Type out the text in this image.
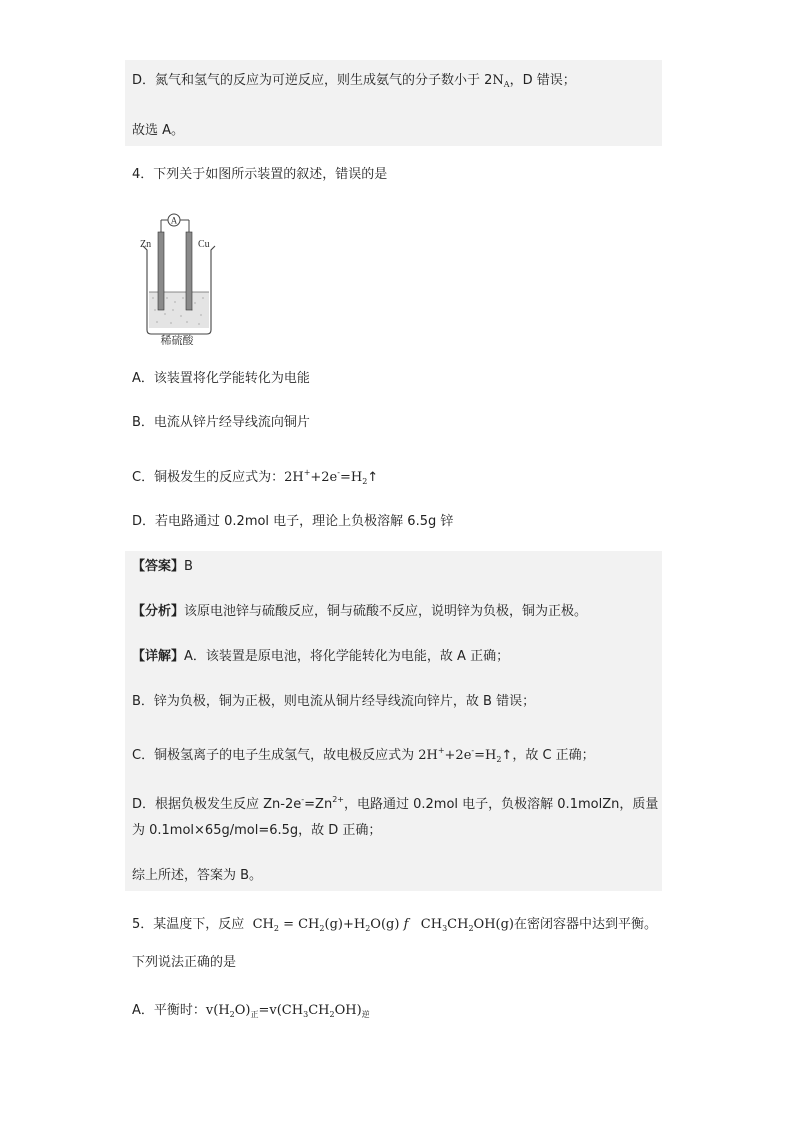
D．氮气和氢气的反应为可逆反应，则生成氨气的分子数小于 $2N_A$，D 错误；
故选 A。
4．下列关于如图所示装置的叙述，错误的是
A
Zn	Cu
稀硫酸
A．该装置将化学能转化为电能
B．电流从锌片经导线流向铜片
C．铜极发生的反应式为：$2H^++2e^-=H_2↑$
D．若电路通过 0.2mol 电子，理论上负极溶解 6.5g 锌
【答案】B
【分析】该原电池锌与硫酸反应，铜与硫酸不反应，说明锌为负极，铜为正极。
【详解】A．该装置是原电池，将化学能转化为电能，故 A 正确；
B．锌为负极，铜为正极，则电流从铜片经导线流向锌片，故 B 错误；
C．铜极氢离子的电子生成氢气，故电极反应式为 $2H^++2e^-=H_2↑$，故 C 正确；
D．根据负极发生反应 $Zn-2e^-=Zn^{2+}$，电路通过 0.2mol 电子，负极溶解 0.1molZn，质量
为 0.1mol×65g/mol=6.5g，故 D 正确；
综上所述，答案为 B。
5．某温度下，反应 $CH_2 = CH_2(g)+H_2O(g)$ f   $CH_3CH_2OH(g)$在密闭容器中达到平衡。
下列说法正确的是
A．平衡时：$v(H_2O)_正=v(CH_3CH_2OH)_逆$
